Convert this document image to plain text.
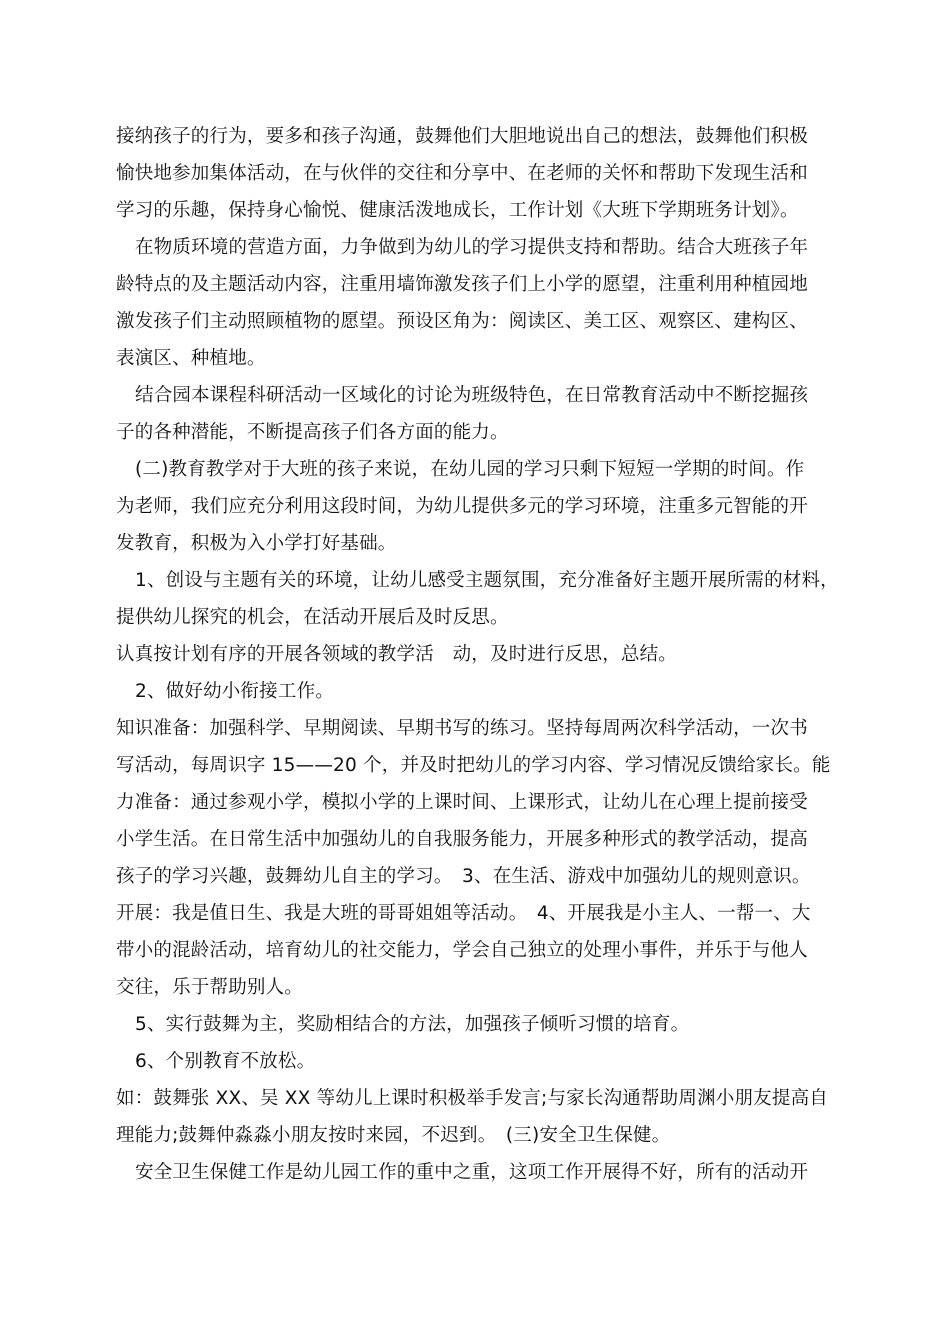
接纳孩子的行为，要多和孩子沟通，鼓舞他们大胆地说出自己的想法，鼓舞他们积极
愉快地参加集体活动，在与伙伴的交往和分享中、在老师的关怀和帮助下发现生活和
学习的乐趣，保持身心愉悦、健康活泼地成长，工作计划《大班下学期班务计划》。
在物质环境的营造方面，力争做到为幼儿的学习提供支持和帮助。结合大班孩子年
龄特点的及主题活动内容，注重用墙饰激发孩子们上小学的愿望，注重利用种植园地
激发孩子们主动照顾植物的愿望。预设区角为：阅读区、美工区、观察区、建构区、
表演区、种植地。
结合园本课程科研活动一区域化的讨论为班级特色，在日常教育活动中不断挖掘孩
子的各种潜能，不断提高孩子们各方面的能力。
(二)教育教学对于大班的孩子来说，在幼儿园的学习只剩下短短一学期的时间。作
为老师，我们应充分利用这段时间，为幼儿提供多元的学习环境，注重多元智能的开
发教育，积极为入小学打好基础。
1、创设与主题有关的环境，让幼儿感受主题氛围，充分准备好主题开展所需的材料，
提供幼儿探究的机会，在活动开展后及时反思。
认真按计划有序的开展各领域的教学活　动，及时进行反思，总结。
2、做好幼小衔接工作。
知识准备：加强科学、早期阅读、早期书写的练习。坚持每周两次科学活动，一次书
写活动，每周识字 15——20 个，并及时把幼儿的学习内容、学习情况反馈给家长。能
力准备：通过参观小学，模拟小学的上课时间、上课形式，让幼儿在心理上提前接受
小学生活。在日常生活中加强幼儿的自我服务能力，开展多种形式的教学活动，提高
孩子的学习兴趣，鼓舞幼儿自主的学习。　3、在生活、游戏中加强幼儿的规则意识。
开展：我是值日生、我是大班的哥哥姐姐等活动。　4、开展我是小主人、一帮一、大
带小的混龄活动，培育幼儿的社交能力，学会自己独立的处理小事件，并乐于与他人
交往，乐于帮助别人。
5、实行鼓舞为主，奖励相结合的方法，加强孩子倾听习惯的培育。
6、个别教育不放松。
如：鼓舞张 XX、吴 XX 等幼儿上课时积极举手发言;与家长沟通帮助周渊小朋友提高自
理能力;鼓舞仲淼淼小朋友按时来园，不迟到。　(三)安全卫生保健。
安全卫生保健工作是幼儿园工作的重中之重，这项工作开展得不好，所有的活动开
